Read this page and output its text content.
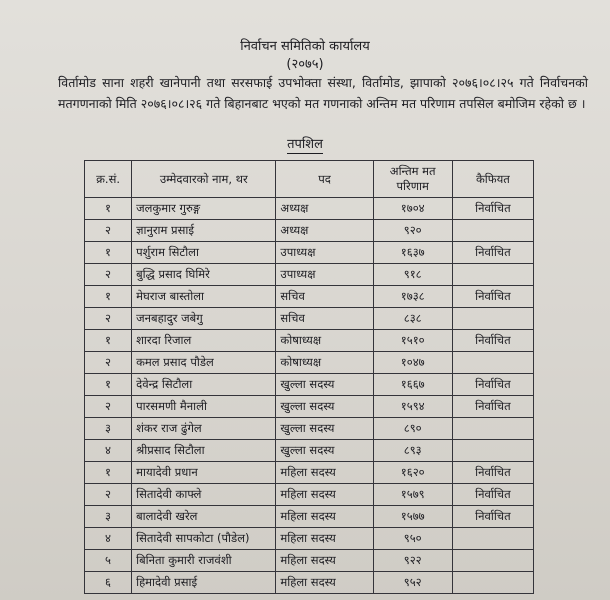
निर्वाचन समितिको कार्यालय
(२०७५)
विर्तामोड साना शहरी खानेपानी तथा सरसफाई उपभोक्ता संस्था, विर्तामोड, झापाको २०७६।०८।२५ गते निर्वाचनको मतगणनाको मिति २०७६।०८।२६ गते बिहानबाट भएको मत गणनाको अन्तिम मत परिणाम तपसिल बमोजिम रहेको छ ।
तपशिल
क्र.सं.	उम्मेदवारको नाम, थर	पद	अन्तिम मत परिणाम	कैफियत
१	जलकुमार गुरुङ्ग	अध्यक्ष	१७०४	निर्वाचित
२	ज्ञानुराम प्रसाई	अध्यक्ष	९२०	
१	पर्शुराम सिटौला	उपाध्यक्ष	१६३७	निर्वाचित
२	बुद्धि प्रसाद घिमिरे	उपाध्यक्ष	९१८	
१	मेघराज बास्तोला	सचिव	१७३८	निर्वाचित
२	जनबहादुर जबेगु	सचिव	८३८	
१	शारदा रिजाल	कोषाध्यक्ष	१५१०	निर्वाचित
२	कमल प्रसाद पौडेल	कोषाध्यक्ष	१०४७	
१	देवेन्द्र सिटौला	खुल्ला सदस्य	१६६७	निर्वाचित
२	पारसमणी मैनाली	खुल्ला सदस्य	१५९४	निर्वाचित
३	शंकर राज ढुंगेल	खुल्ला सदस्य	८९०	
४	श्रीप्रसाद सिटौला	खुल्ला सदस्य	८९३	
१	मायादेवी प्रधान	महिला सदस्य	१६२०	निर्वाचित
२	सितादेवी काफ्ले	महिला सदस्य	१५७९	निर्वाचित
३	बालादेवी खरेल	महिला सदस्य	१५७७	निर्वाचित
४	सितादेवी सापकोटा (पौडेल)	महिला सदस्य	९५०	
५	बिनिता कुमारी राजवंशी	महिला सदस्य	९२२	
६	हिमादेवी प्रसाई	महिला सदस्य	९५२	
